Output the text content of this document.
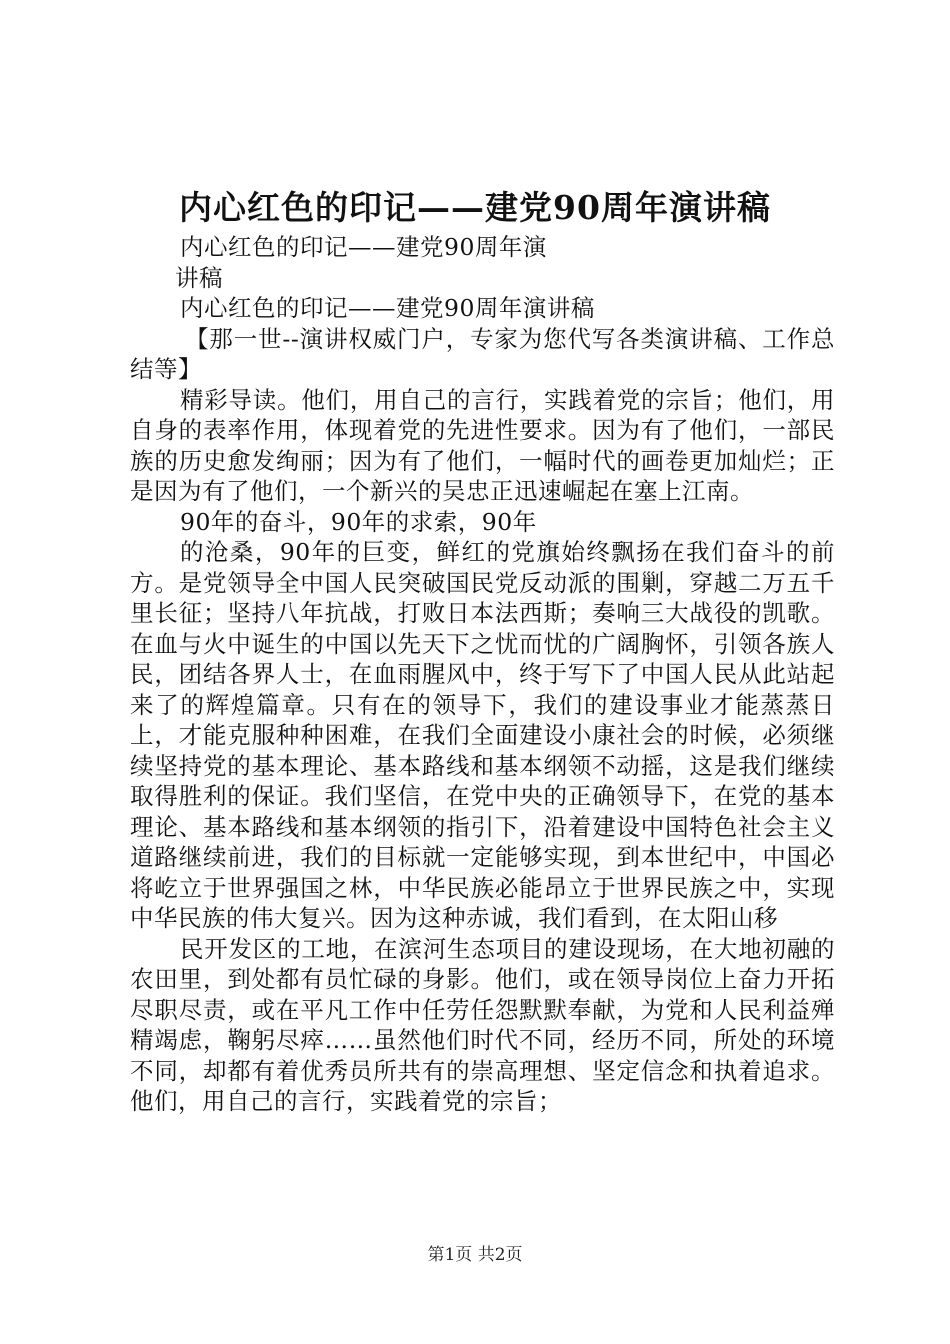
内心红色的印记——建党90周年演讲稿

内心红色的印记——建党90周年演

讲稿

内心红色的印记——建党90周年演讲稿

【那一世--演讲权威门户，专家为您代写各类演讲稿、工作总结等】

精彩导读。他们，用自己的言行，实践着党的宗旨；他们，用自身的表率作用，体现着党的先进性要求。因为有了他们，一部民族的历史愈发绚丽；因为有了他们，一幅时代的画卷更加灿烂；正是因为有了他们，一个新兴的吴忠正迅速崛起在塞上江南。

90年的奋斗，90年的求索，90年

的沧桑，90年的巨变，鲜红的党旗始终飘扬在我们奋斗的前方。是党领导全中国人民突破国民党反动派的围剿，穿越二万五千里长征；坚持八年抗战，打败日本法西斯；奏响三大战役的凯歌。在血与火中诞生的中国以先天下之忧而忧的广阔胸怀，引领各族人民，团结各界人士，在血雨腥风中，终于写下了中国人民从此站起来了的辉煌篇章。只有在的领导下，我们的建设事业才能蒸蒸日上，才能克服种种困难，在我们全面建设小康社会的时候，必须继续坚持党的基本理论、基本路线和基本纲领不动摇，这是我们继续取得胜利的保证。我们坚信，在党中央的正确领导下，在党的基本理论、基本路线和基本纲领的指引下，沿着建设中国特色社会主义道路继续前进，我们的目标就一定能够实现，到本世纪中，中国必将屹立于世界强国之林，中华民族必能昂立于世界民族之中，实现中华民族的伟大复兴。因为这种赤诚，我们看到，在太阳山移

民开发区的工地，在滨河生态项目的建设现场，在大地初融的农田里，到处都有员忙碌的身影。他们，或在领导岗位上奋力开拓尽职尽责，或在平凡工作中任劳任怨默默奉献，为党和人民利益殚精竭虑，鞠躬尽瘁……虽然他们时代不同，经历不同，所处的环境不同，却都有着优秀员所共有的崇高理想、坚定信念和执着追求。他们，用自己的言行，实践着党的宗旨；

第1页 共2页
